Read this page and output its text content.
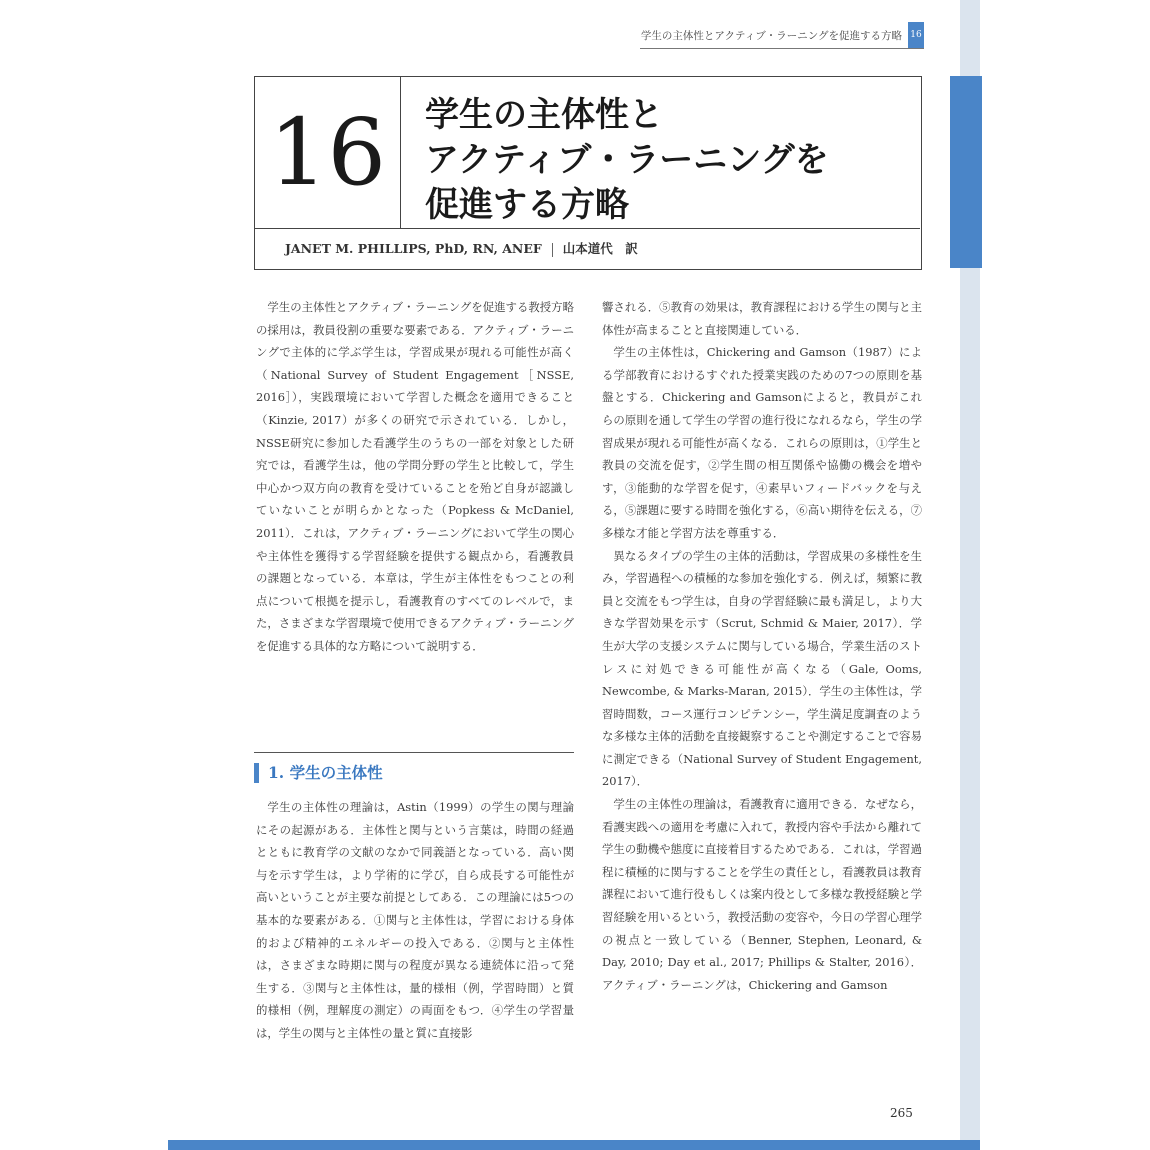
学生の主体性とアクティブ・ラーニングを促進する方略 16
16	学生の主体性と
アクティブ・ラーニングを
促進する方略
JANET M. PHILLIPS, PhD, RN, ANEF 山本道代　訳

学生の主体性とアクティブ・ラーニングを促進する教授方略の採用は，教員役割の重要な要素である．アクティブ・ラーニングで主体的に学ぶ学生は，学習成果が現れる可能性が高く（National Survey of Student Engagement［NSSE, 2016］），実践環境において学習した概念を適用できること（Kinzie, 2017）が多くの研究で示されている．しかし，NSSE研究に参加した看護学生のうちの一部を対象とした研究では，看護学生は，他の学問分野の学生と比較して，学生中心かつ双方向の教育を受けていることを殆ど自身が認識していないことが明らかとなった（Popkess & McDaniel, 2011）．これは，アクティブ・ラーニングにおいて学生の関心や主体性を獲得する学習経験を提供する観点から，看護教員の課題となっている．本章は，学生が主体性をもつことの利点について根拠を提示し，看護教育のすべてのレベルで，また，さまざまな学習環境で使用できるアクティブ・ラーニングを促進する具体的な方略について説明する．

1. 学生の主体性

学生の主体性の理論は，Astin（1999）の学生の関与理論にその起源がある．主体性と関与という言葉は，時間の経過とともに教育学の文献のなかで同義語となっている．高い関与を示す学生は，より学術的に学び，自ら成長する可能性が高いということが主要な前提としてある．この理論には5つの基本的な要素がある．①関与と主体性は，学習における身体的および精神的エネルギーの投入である．②関与と主体性は，さまざまな時期に関与の程度が異なる連続体に沿って発生する．③関与と主体性は，量的様相（例，学習時間）と質的様相（例，理解度の測定）の両面をもつ．④学生の学習量は，学生の関与と主体性の量と質に直接影

響される．⑤教育の効果は，教育課程における学生の関与と主体性が高まることと直接関連している．

学生の主体性は，Chickering and Gamson（1987）による学部教育におけるすぐれた授業実践のための7つの原則を基盤とする．Chickering and Gamsonによると，教員がこれらの原則を通して学生の学習の進行役になれるなら，学生の学習成果が現れる可能性が高くなる．これらの原則は，①学生と教員の交流を促す，②学生間の相互関係や協働の機会を増やす，③能動的な学習を促す，④素早いフィードバックを与える，⑤課題に要する時間を強化する，⑥高い期待を伝える，⑦多様な才能と学習方法を尊重する．

異なるタイプの学生の主体的活動は，学習成果の多様性を生み，学習過程への積極的な参加を強化する．例えば，頻繁に教員と交流をもつ学生は，自身の学習経験に最も満足し，より大きな学習効果を示す（Scrut, Schmid & Maier, 2017）．学生が大学の支援システムに関与している場合，学業生活のストレスに対処できる可能性が高くなる（Gale, Ooms, Newcombe, & Marks-Maran, 2015）．学生の主体性は，学習時間数，コース運行コンピテンシー，学生満足度調査のような多様な主体的活動を直接観察することや測定することで容易に測定できる（National Survey of Student Engagement, 2017）．

学生の主体性の理論は，看護教育に適用できる．なぜなら，看護実践への適用を考慮に入れて，教授内容や手法から離れて学生の動機や態度に直接着目するためである．これは，学習過程に積極的に関与することを学生の責任とし，看護教員は教育課程において進行役もしくは案内役として多様な教授経験と学習経験を用いるという，教授活動の変容や，今日の学習心理学の視点と一致している（Benner, Stephen, Leonard, & Day, 2010; Day et al., 2017; Phillips & Stalter, 2016）．アクティブ・ラーニングは，Chickering and Gamson

265
